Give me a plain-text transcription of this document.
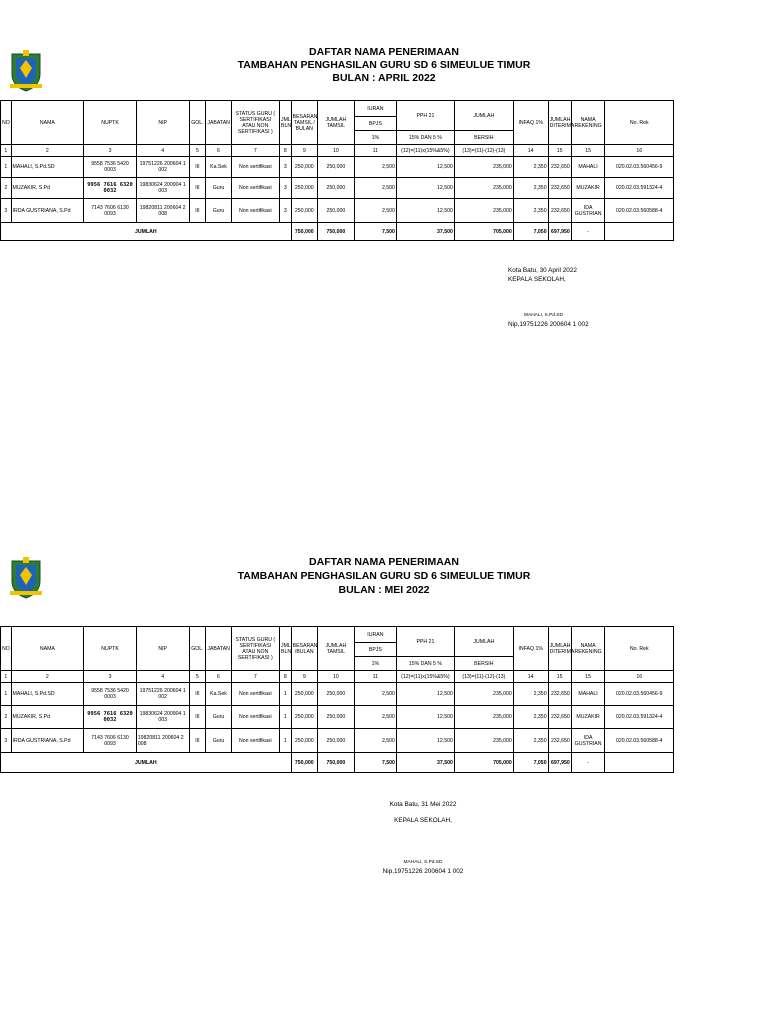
DAFTAR NAMA PENERIMAAN
TAMBAHAN PENGHASILAN GURU SD 6 SIMEULUE TIMUR
BULAN : APRIL 2022
NO	NAMA	NUPTK	NIP	GOL.	JABATAN	STATUS GURU ( SERTIFIKASI ATAU NON SERTIFIKASI )	JML BLN	BESARAN TAMSIL / BULAN	JUMLAH TAMSIL	IURAN	PPH 21	JUMLAH	INFAQ 1%	JUMLAH DITERIMA	NAMA REKENING	No. Rek
										BPJS						
										1%	15% DAN 5 %	BERSIH				
1	2	3	4	5	6	7	8	9	10	11	(12)=(11)x(15%&5%)	(13)=(11)-(12)-(13)	14	15	15	16
1	MAHALI, S.Pd.SD	9558 7536 5420 0003	19751226 200604 1 002	III	Ka.Sek	Non sertifikasi	3	250,000	250,000	2,500	12,500	235,000	2,350	232,650	MAHALI	020.02.03.560456-9
2	MUZAKIR, S.Pd	9956 7616 6320 0032	19830624 200904 1 003	III	Guru	Non sertifikasi	3	250,000	250,000	2,500	12,500	235,000	2,350	232,650	MUZAKIR	020.02.03.591324-4
3	IRDA GUSTRIANA, S.Pd	7143 7606 6130 0093	19820811 200604 2 008	III	Guru	Non sertifikasi	3	250,000	250,000	2,500	12,500	235,000	2,350	232,650	IDA GUSTRIAN	020.02.03.560588-4
JUMLAH								750,000	750,000	7,500	37,500	705,000	7,050	697,950	-	
Kota Batu, 30 April 2022
KEPALA SEKOLAH,
MAHALI, S.Pd.SD
Nip,19751226 200604 1 002
DAFTAR NAMA PENERIMAAN
TAMBAHAN PENGHASILAN GURU SD 6 SIMEULUE TIMUR
BULAN : MEI 2022
NO	NAMA	NUPTK	NIP	GOL.	JABATAN	STATUS GURU ( SERTIFIKASI ATAU NON SERTIFIKASI )	JML BLN	BESARAN /BULAN	JUMLAH TAMSIL	IURAN	PPH 21	JUMLAH	INFAQ 1%	JUMLAH DITERIMA	NAMA REKENING	No. Rek
										BPJS						
										1%	15% DAN 5 %	BERSIH				
1	2	3	4	5	6	7	8	9	10	11	(12)=(11)x(15%&5%)	(13)=(11)-(12)-(13)	14	15	15	16
1	MAHALI, S.Pd.SD	9558 7536 5420 0003	19751226 200604 1 002	III	Ka.Sek	Non sertifikasi	1	250,000	250,000	2,500	12,500	235,000	2,350	232,650	MAHALI	020.02.03.560456-9
2	MUZAKIR, S.Pd	9956 7616 6320 0032	19830624 200904 1 003	III	Guru	Non sertifikasi	1	250,000	250,000	2,500	12,500	235,000	2,350	232,650	MUZAKIR	020.02.03.591324-4
3	IRDA GUSTRIANA, S.Pd	7143 7606 6130 0093	19820811 200604 2 008	III	Guru	Non sertifikasi	1	250,000	250,000	2,500	12,500	235,000	2,350	232,650	IDA GUSTRIAN	020.02.03.560588-4
JUMLAH								750,000	750,000	7,500	37,500	705,000	7,050	697,950	-	
Kota Batu, 31 Mei 2022
KEPALA SEKOLAH,
MAHALI, S.Pd.SD
Nip,19751226 200604 1 002
